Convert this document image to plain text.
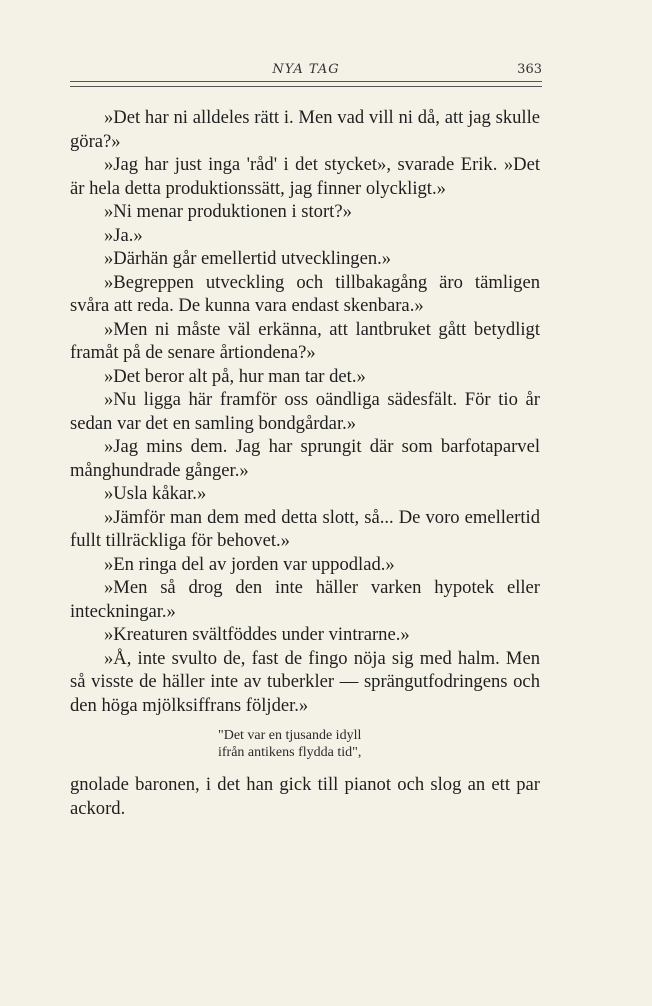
NYA TAG	363

»Det har ni alldeles rätt i. Men vad vill ni då, att jag skulle göra?»

»Jag har just inga 'råd' i det stycket», svarade Erik. »Det är hela detta produktionssätt, jag finner olyckligt.»

»Ni menar produktionen i stort?»

»Ja.»

»Därhän går emellertid utvecklingen.»

»Begreppen utveckling och tillbakagång äro tämligen svåra att reda. De kunna vara endast skenbara.»

»Men ni måste väl erkänna, att lantbruket gått betydligt framåt på de senare årtiondena?»

»Det beror alt på, hur man tar det.»

»Nu ligga här framför oss oändliga sädesfält. För tio år sedan var det en samling bondgårdar.»

»Jag mins dem. Jag har sprungit där som barfotaparvel månghundrade gånger.»

»Usla kåkar.»

»Jämför man dem med detta slott, så... De voro emellertid fullt tillräckliga för behovet.»

»En ringa del av jorden var uppodlad.»

»Men så drog den inte häller varken hypotek eller inteckningar.»

»Kreaturen svältföddes under vintrarne.»

»Å, inte svulto de, fast de fingo nöja sig med halm. Men så visste de häller inte av tuberkler — sprängutfodringens och den höga mjölksiffrans följder.»

"Det var en tjusande idyll
ifrån antikens flydda tid",

gnolade baronen, i det han gick till pianot och slog an ett par ackord.
